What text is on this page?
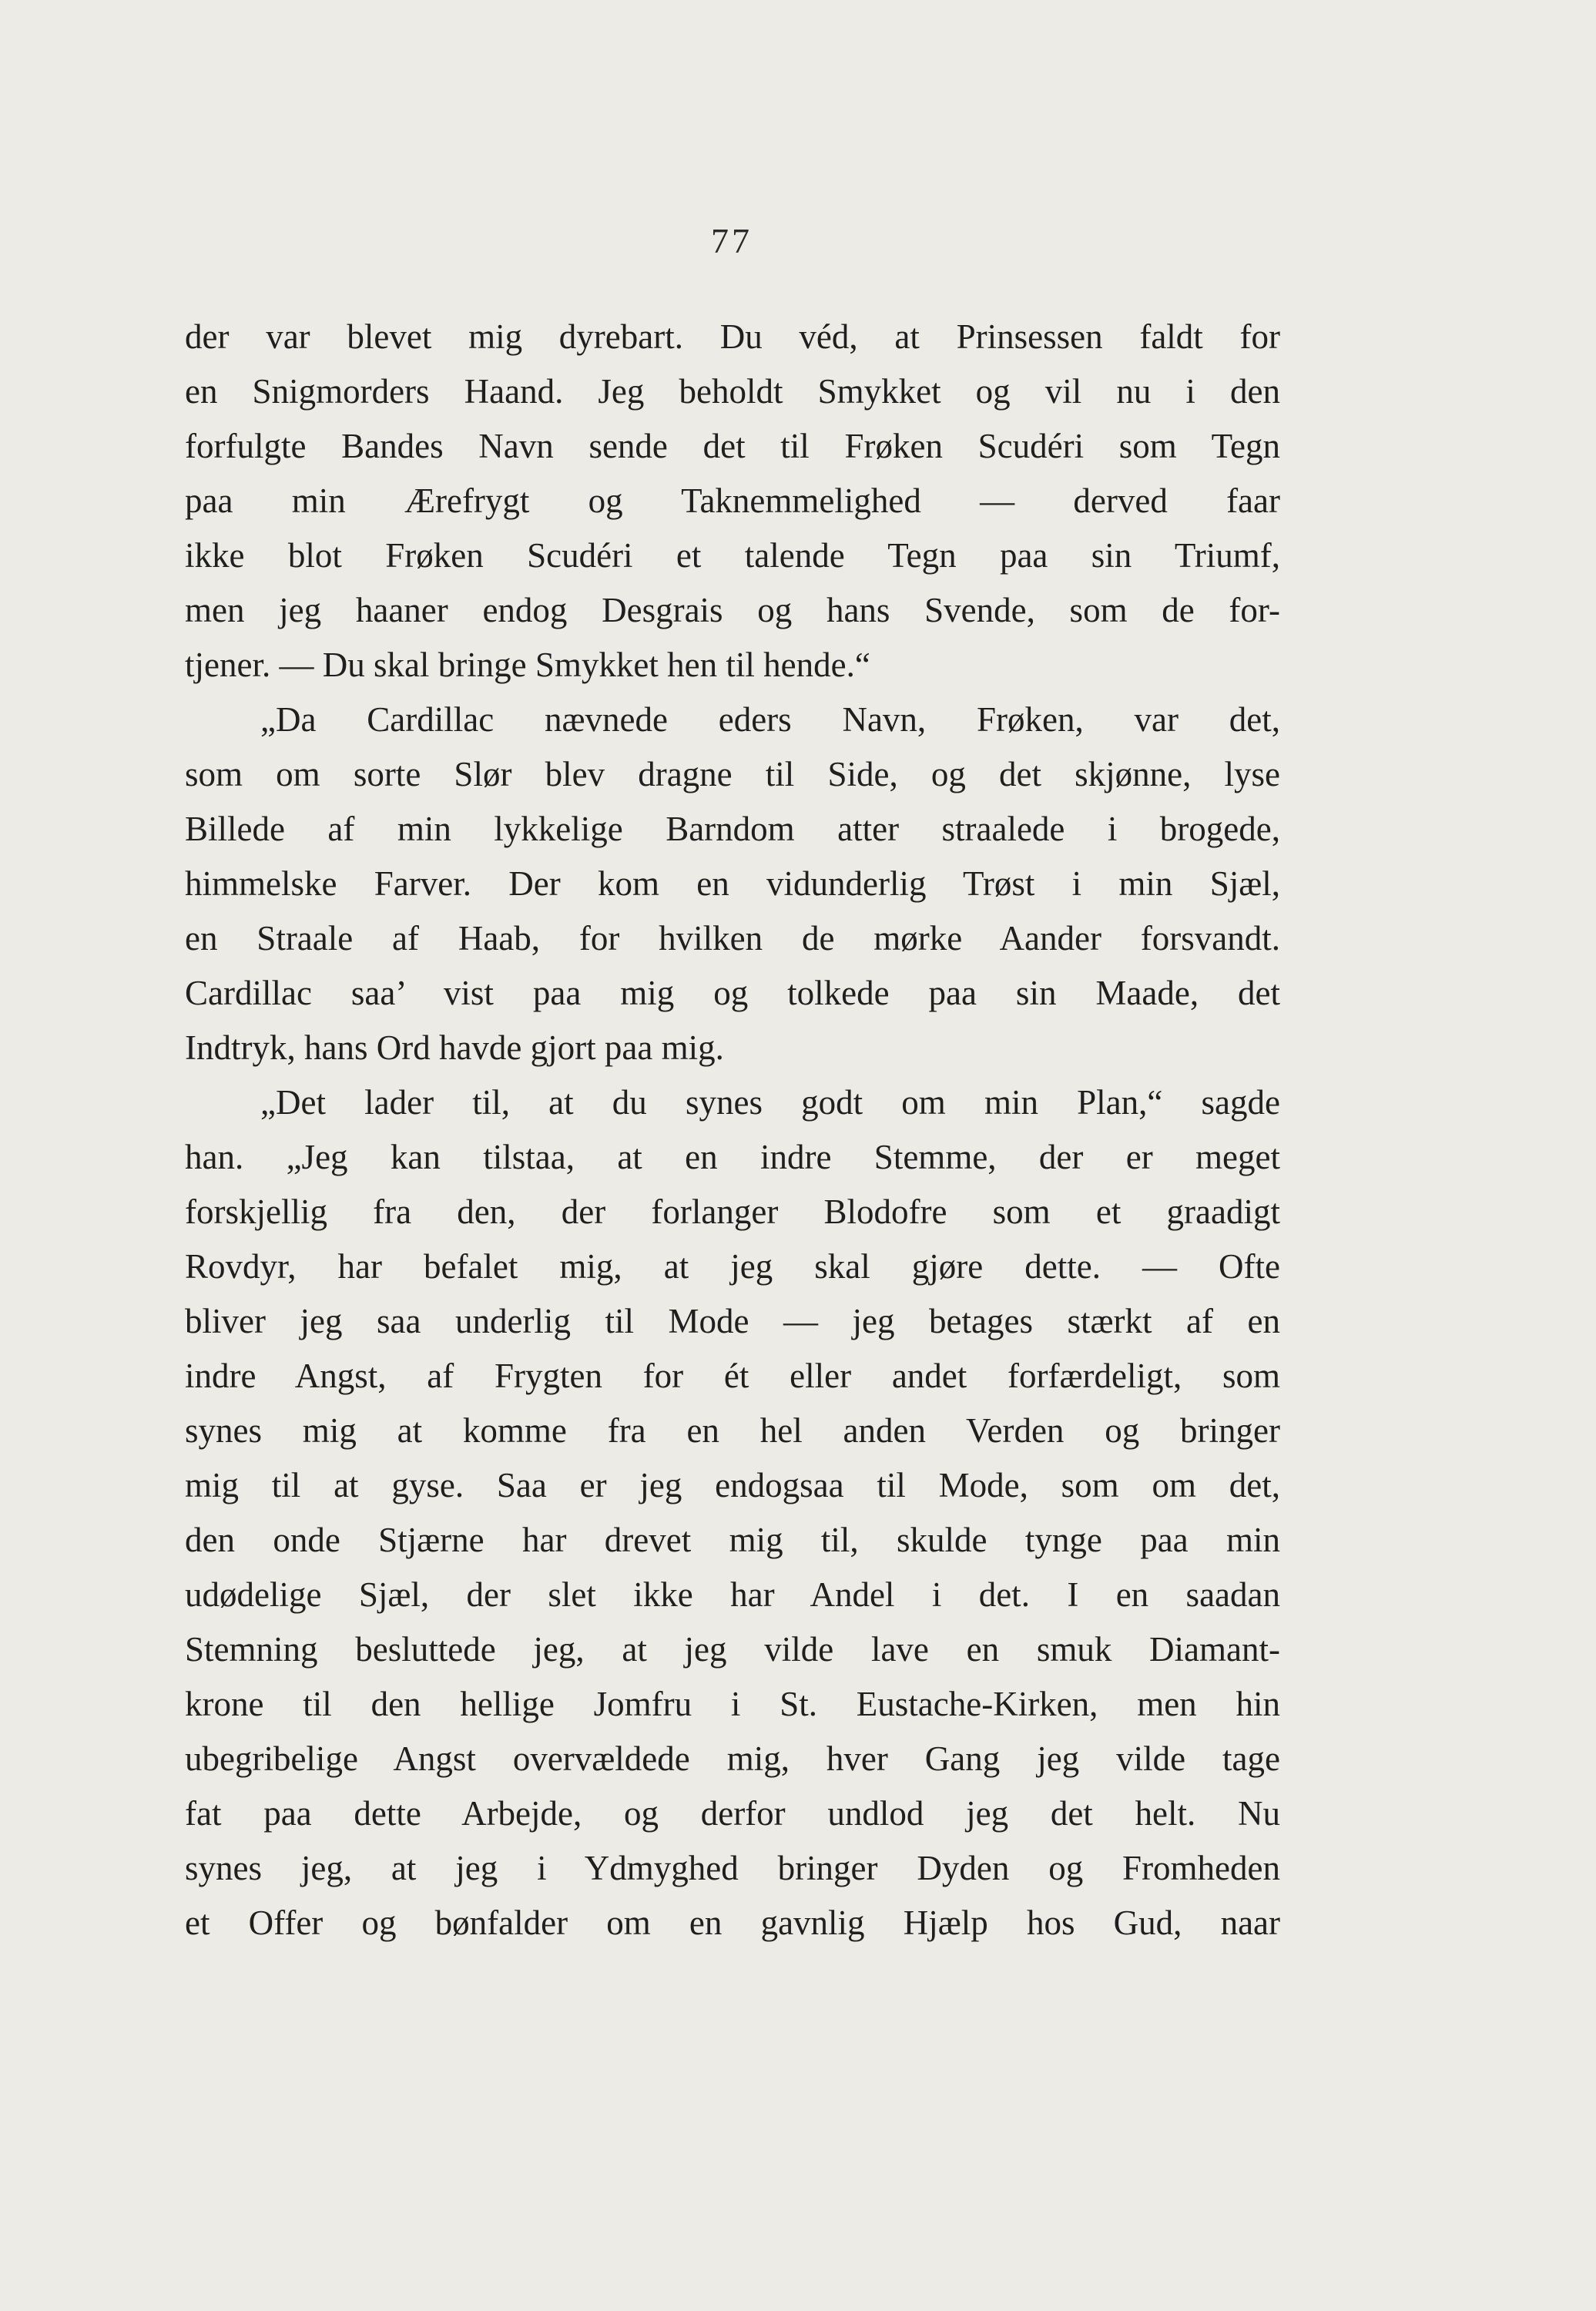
77
der var blevet mig dyrebart. Du véd, at Prinsessen faldt for
en Snigmorders Haand. Jeg beholdt Smykket og vil nu i den
forfulgte Bandes Navn sende det til Frøken Scudéri som Tegn
paa min Ærefrygt og Taknemmelighed — derved faar
ikke blot Frøken Scudéri et talende Tegn paa sin Triumf,
men jeg haaner endog Desgrais og hans Svende, som de for-
tjener. — Du skal bringe Smykket hen til hende.“
„Da Cardillac nævnede eders Navn, Frøken, var det,
som om sorte Slør blev dragne til Side, og det skjønne, lyse
Billede af min lykkelige Barndom atter straalede i brogede,
himmelske Farver. Der kom en vidunderlig Trøst i min Sjæl,
en Straale af Haab, for hvilken de mørke Aander forsvandt.
Cardillac saa’ vist paa mig og tolkede paa sin Maade, det
Indtryk, hans Ord havde gjort paa mig.
„Det lader til, at du synes godt om min Plan,“ sagde
han. „Jeg kan tilstaa, at en indre Stemme, der er meget
forskjellig fra den, der forlanger Blodofre som et graadigt
Rovdyr, har befalet mig, at jeg skal gjøre dette. — Ofte
bliver jeg saa underlig til Mode — jeg betages stærkt af en
indre Angst, af Frygten for ét eller andet forfærdeligt, som
synes mig at komme fra en hel anden Verden og bringer
mig til at gyse. Saa er jeg endogsaa til Mode, som om det,
den onde Stjærne har drevet mig til, skulde tynge paa min
udødelige Sjæl, der slet ikke har Andel i det. I en saadan
Stemning besluttede jeg, at jeg vilde lave en smuk Diamant-
krone til den hellige Jomfru i St. Eustache-Kirken, men hin
ubegribelige Angst overvældede mig, hver Gang jeg vilde tage
fat paa dette Arbejde, og derfor undlod jeg det helt. Nu
synes jeg, at jeg i Ydmyghed bringer Dyden og Fromheden
et Offer og bønfalder om en gavnlig Hjælp hos Gud, naar
